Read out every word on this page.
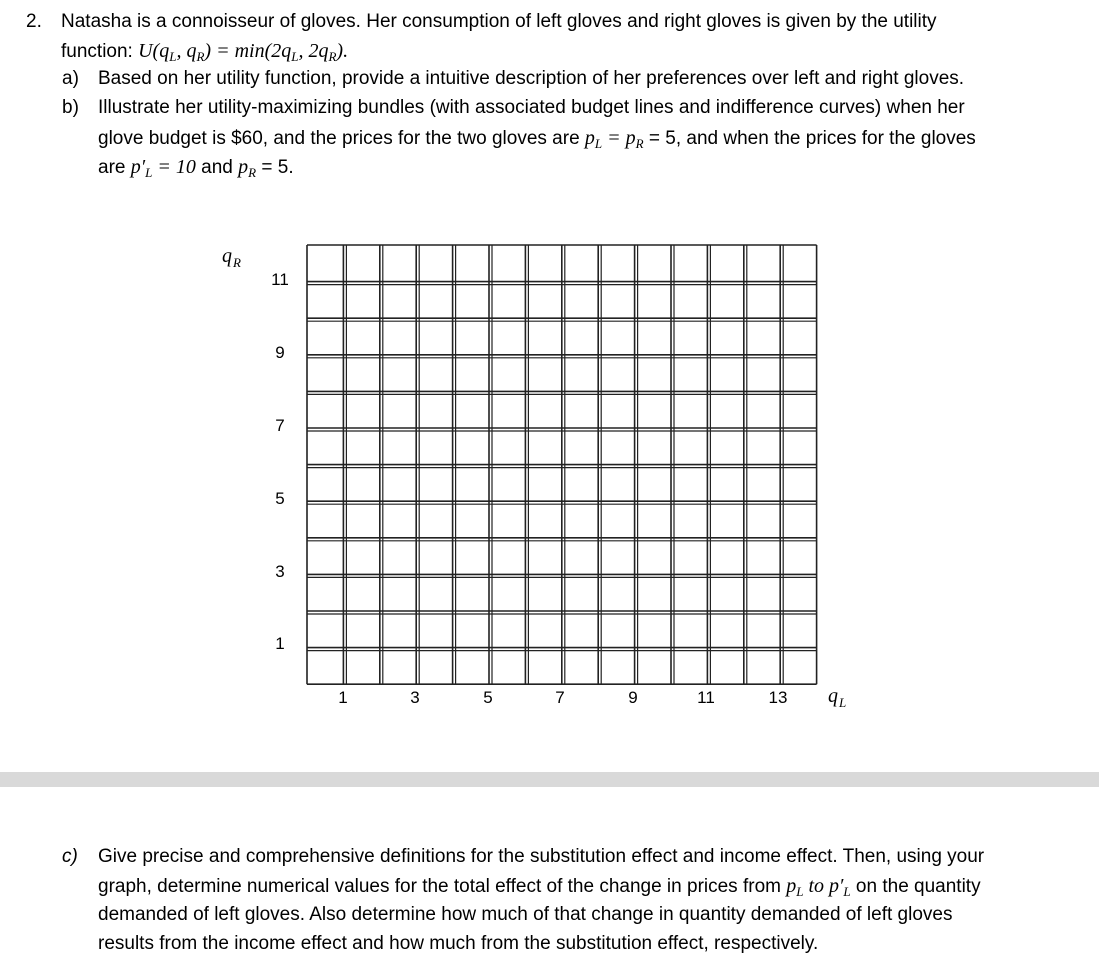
2. Natasha is a connoisseur of gloves. Her consumption of left gloves and right gloves is given by the utility
function: $U(q_L$, $q_R) = \min(2q_L$, $2q_R$).
a) Based on her utility function, provide a intuitive description of her preferences over left and right gloves.
b) Illustrate her utility-maximizing bundles (with associated budget lines and indifference curves) when her
glove budget is $60, and the prices for the two gloves are $p_L = p_R = 5$, and when the prices for the gloves
are $p'_L = 10$ and $p_R = 5$.
q R
q L
11
9
7
5
3
1
1	3	5	7	9	11	13
c) Give precise and comprehensive definitions for the substitution effect and income effect. Then, using your
graph, determine numerical values for the total effect of the change in prices from $p_L$ to $p'_L$ on the quantity
demanded of left gloves. Also determine how much of that change in quantity demanded of left gloves
results from the income effect and how much from the substitution effect, respectively.
